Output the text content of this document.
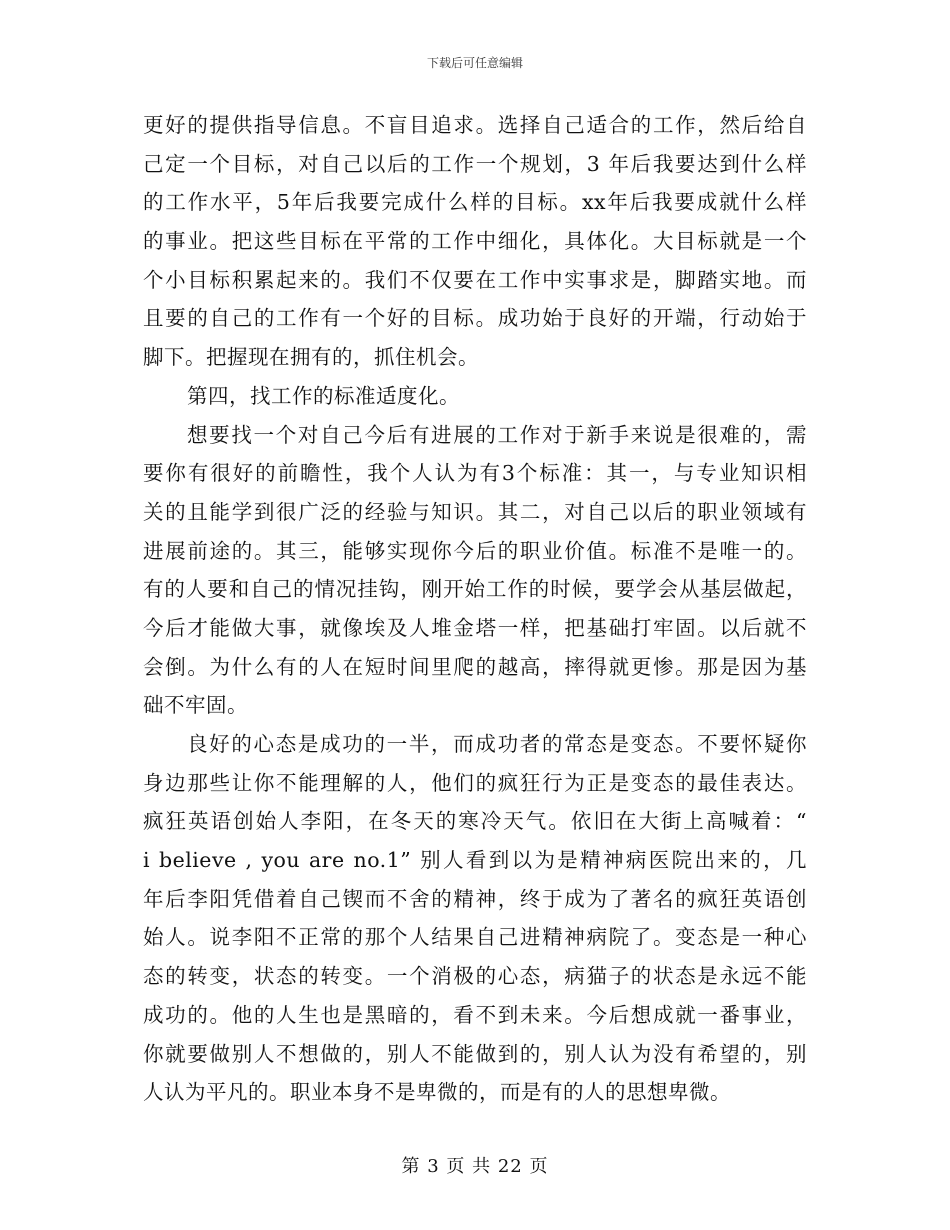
下载后可任意编辑
更好的提供指导信息。不盲目追求。选择自己适合的工作，然后给自
己定一个目标，对自己以后的工作一个规划，3 年后我要达到什么样
的工作水平，5年后我要完成什么样的目标。xx年后我要成就什么样
的事业。把这些目标在平常的工作中细化，具体化。大目标就是一个
个小目标积累起来的。我们不仅要在工作中实事求是，脚踏实地。而
且要的自己的工作有一个好的目标。成功始于良好的开端，行动始于
脚下。把握现在拥有的，抓住机会。
第四，找工作的标准适度化。
想要找一个对自己今后有进展的工作对于新手来说是很难的，需
要你有很好的前瞻性，我个人认为有3个标准：其一，与专业知识相
关的且能学到很广泛的经验与知识。其二，对自己以后的职业领域有
进展前途的。其三，能够实现你今后的职业价值。标准不是唯一的。
有的人要和自己的情况挂钩，刚开始工作的时候，要学会从基层做起，
今后才能做大事，就像埃及人堆金塔一样，把基础打牢固。以后就不
会倒。为什么有的人在短时间里爬的越高，摔得就更惨。那是因为基
础不牢固。
良好的心态是成功的一半，而成功者的常态是变态。不要怀疑你
身边那些让你不能理解的人，他们的疯狂行为正是变态的最佳表达。
疯狂英语创始人李阳，在冬天的寒冷天气。依旧在大街上高喊着：“
i believe , you are no.1” 别人看到以为是精神病医院出来的，几
年后李阳凭借着自己锲而不舍的精神，终于成为了著名的疯狂英语创
始人。说李阳不正常的那个人结果自己进精神病院了。变态是一种心
态的转变，状态的转变。一个消极的心态，病猫子的状态是永远不能
成功的。他的人生也是黑暗的，看不到未来。今后想成就一番事业，
你就要做别人不想做的，别人不能做到的，别人认为没有希望的，别
人认为平凡的。职业本身不是卑微的，而是有的人的思想卑微。
第 3 页 共 22 页
